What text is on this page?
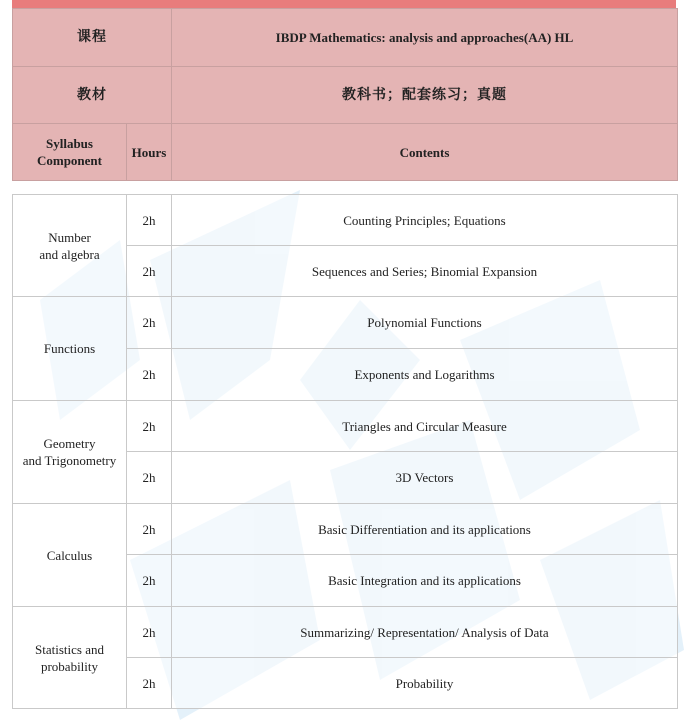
课程		IBDP Mathematics: analysis and approaches(AA) HL
教材		教科书；配套练习；真题
Syllabus
Component	Hours	Contents
Number
and algebra	2h	Counting Principles; Equations
	2h	Sequences and Series; Binomial Expansion
Functions	2h	Polynomial Functions
	2h	Exponents and Logarithms
Geometry
and Trigonometry	2h	Triangles and Circular Measure
	2h	3D Vectors
Calculus	2h	Basic Differentiation and its applications
	2h	Basic Integration and its applications
Statistics and
probability	2h	Summarizing/ Representation/ Analysis of Data
	2h	Probability
